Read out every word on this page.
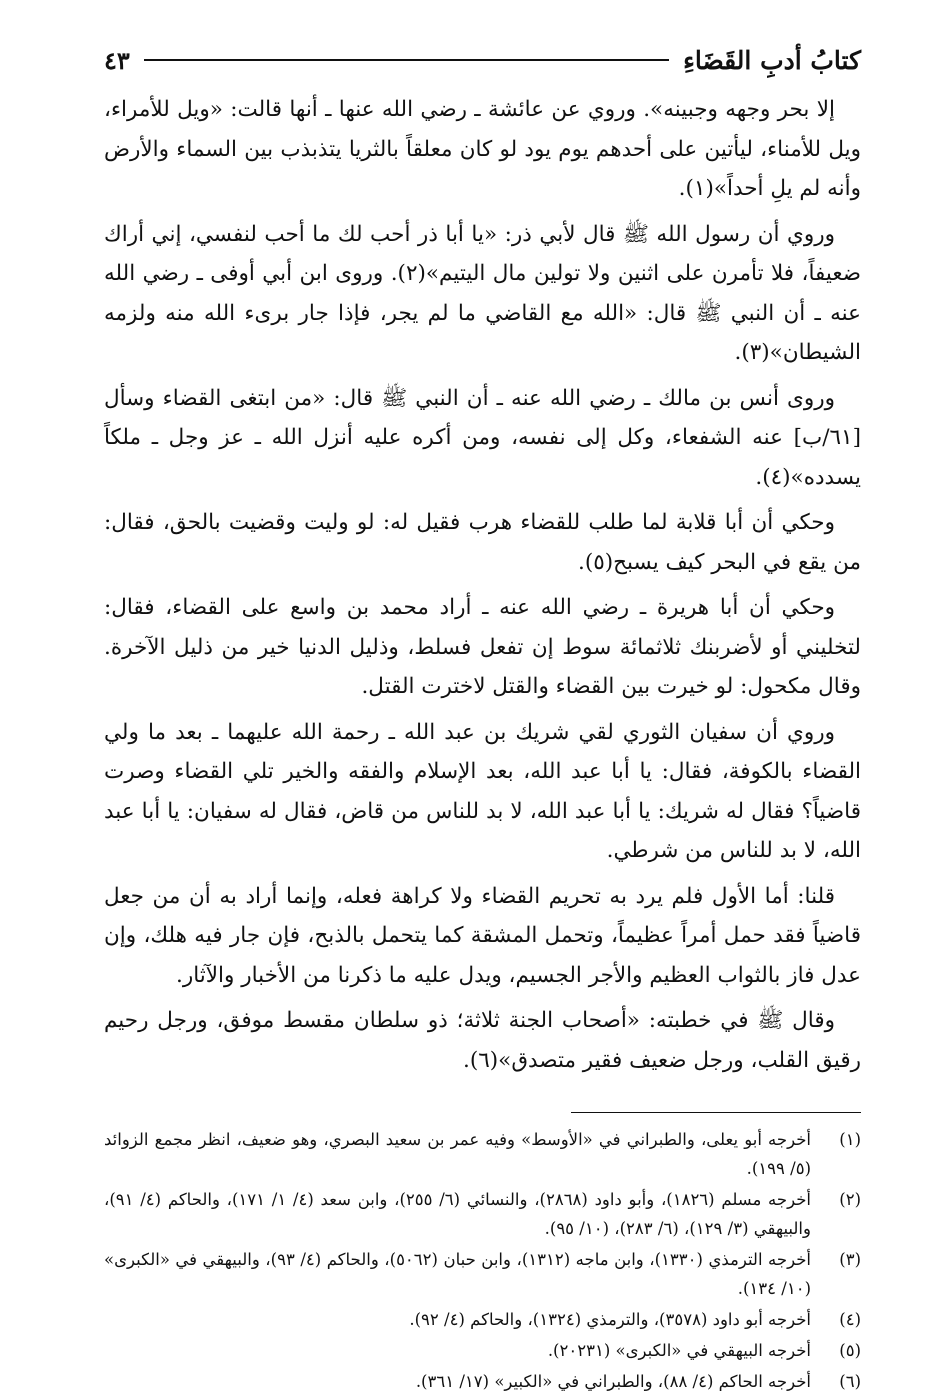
كتابُ أدبِ القَضَاءِ
٤٣

إلا بحر وجهه وجبينه». وروي عن عائشة ـ رضي الله عنها ـ أنها قالت: «ويل للأمراء، ويل للأمناء، ليأتين على أحدهم يوم يود لو كان معلقاً بالثريا يتذبذب بين السماء والأرض وأنه لم يلِ أحداً»(١).

وروي أن رسول الله ﷺ قال لأبي ذر: «يا أبا ذر أحب لك ما أحب لنفسي، إني أراك ضعيفاً، فلا تأمرن على اثنين ولا تولين مال اليتيم»(٢). وروى ابن أبي أوفى ـ رضي الله عنه ـ أن النبي ﷺ قال: «الله مع القاضي ما لم يجر، فإذا جار برىء الله منه ولزمه الشيطان»(٣).

وروى أنس بن مالك ـ رضي الله عنه ـ أن النبي ﷺ قال: «من ابتغى القضاء وسأل [٦١/ب] عنه الشفعاء، وكل إلى نفسه، ومن أكره عليه أنزل الله ـ عز وجل ـ ملكاً يسدده»(٤).

وحكي أن أبا قلابة لما طلب للقضاء هرب فقيل له: لو وليت وقضيت بالحق، فقال: من يقع في البحر كيف يسبح(٥).

وحكي أن أبا هريرة ـ رضي الله عنه ـ أراد محمد بن واسع على القضاء، فقال: لتخليني أو لأضربنك ثلاثمائة سوط إن تفعل فسلط، وذليل الدنيا خير من ذليل الآخرة. وقال مكحول: لو خيرت بين القضاء والقتل لاخترت القتل.

وروي أن سفيان الثوري لقي شريك بن عبد الله ـ رحمة الله عليهما ـ بعد ما ولي القضاء بالكوفة، فقال: يا أبا عبد الله، بعد الإسلام والفقه والخير تلي القضاء وصرت قاضياً؟ فقال له شريك: يا أبا عبد الله، لا بد للناس من قاض، فقال له سفيان: يا أبا عبد الله، لا بد للناس من شرطي.

قلنا: أما الأول فلم يرد به تحريم القضاء ولا كراهة فعله، وإنما أراد به أن من جعل قاضياً فقد حمل أمراً عظيماً، وتحمل المشقة كما يتحمل بالذبح، فإن جار فيه هلك، وإن عدل فاز بالثواب العظيم والأجر الجسيم، ويدل عليه ما ذكرنا من الأخبار والآثار.

وقال ﷺ في خطبته: «أصحاب الجنة ثلاثة؛ ذو سلطان مقسط موفق، ورجل رحيم رقيق القلب، ورجل ضعيف فقير متصدق»(٦).

(١)
أخرجه أبو يعلى، والطبراني في «الأوسط» وفيه عمر بن سعيد البصري، وهو ضعيف، انظر مجمع الزوائد (٥/ ١٩٩).
(٢)
أخرجه مسلم (١٨٢٦)، وأبو داود (٢٨٦٨)، والنسائي (٦/ ٢٥٥)، وابن سعد (٤/ ١/ ١٧١)، والحاكم (٤/ ٩١)، والبيهقي (٣/ ١٢٩)، (٦/ ٢٨٣)، (١٠/ ٩٥).
(٣)
أخرجه الترمذي (١٣٣٠)، وابن ماجه (١٣١٢)، وابن حبان (٥٠٦٢)، والحاكم (٤/ ٩٣)، والبيهقي في «الكبرى» (١٠/ ١٣٤).
(٤)
أخرجه أبو داود (٣٥٧٨)، والترمذي (١٣٢٤)، والحاكم (٤/ ٩٢).
(٥)
أخرجه البيهقي في «الكبرى» (٢٠٢٣١).
(٦)
أخرجه الحاكم (٤/ ٨٨)، والطبراني في «الكبير» (١٧/ ٣٦١).
